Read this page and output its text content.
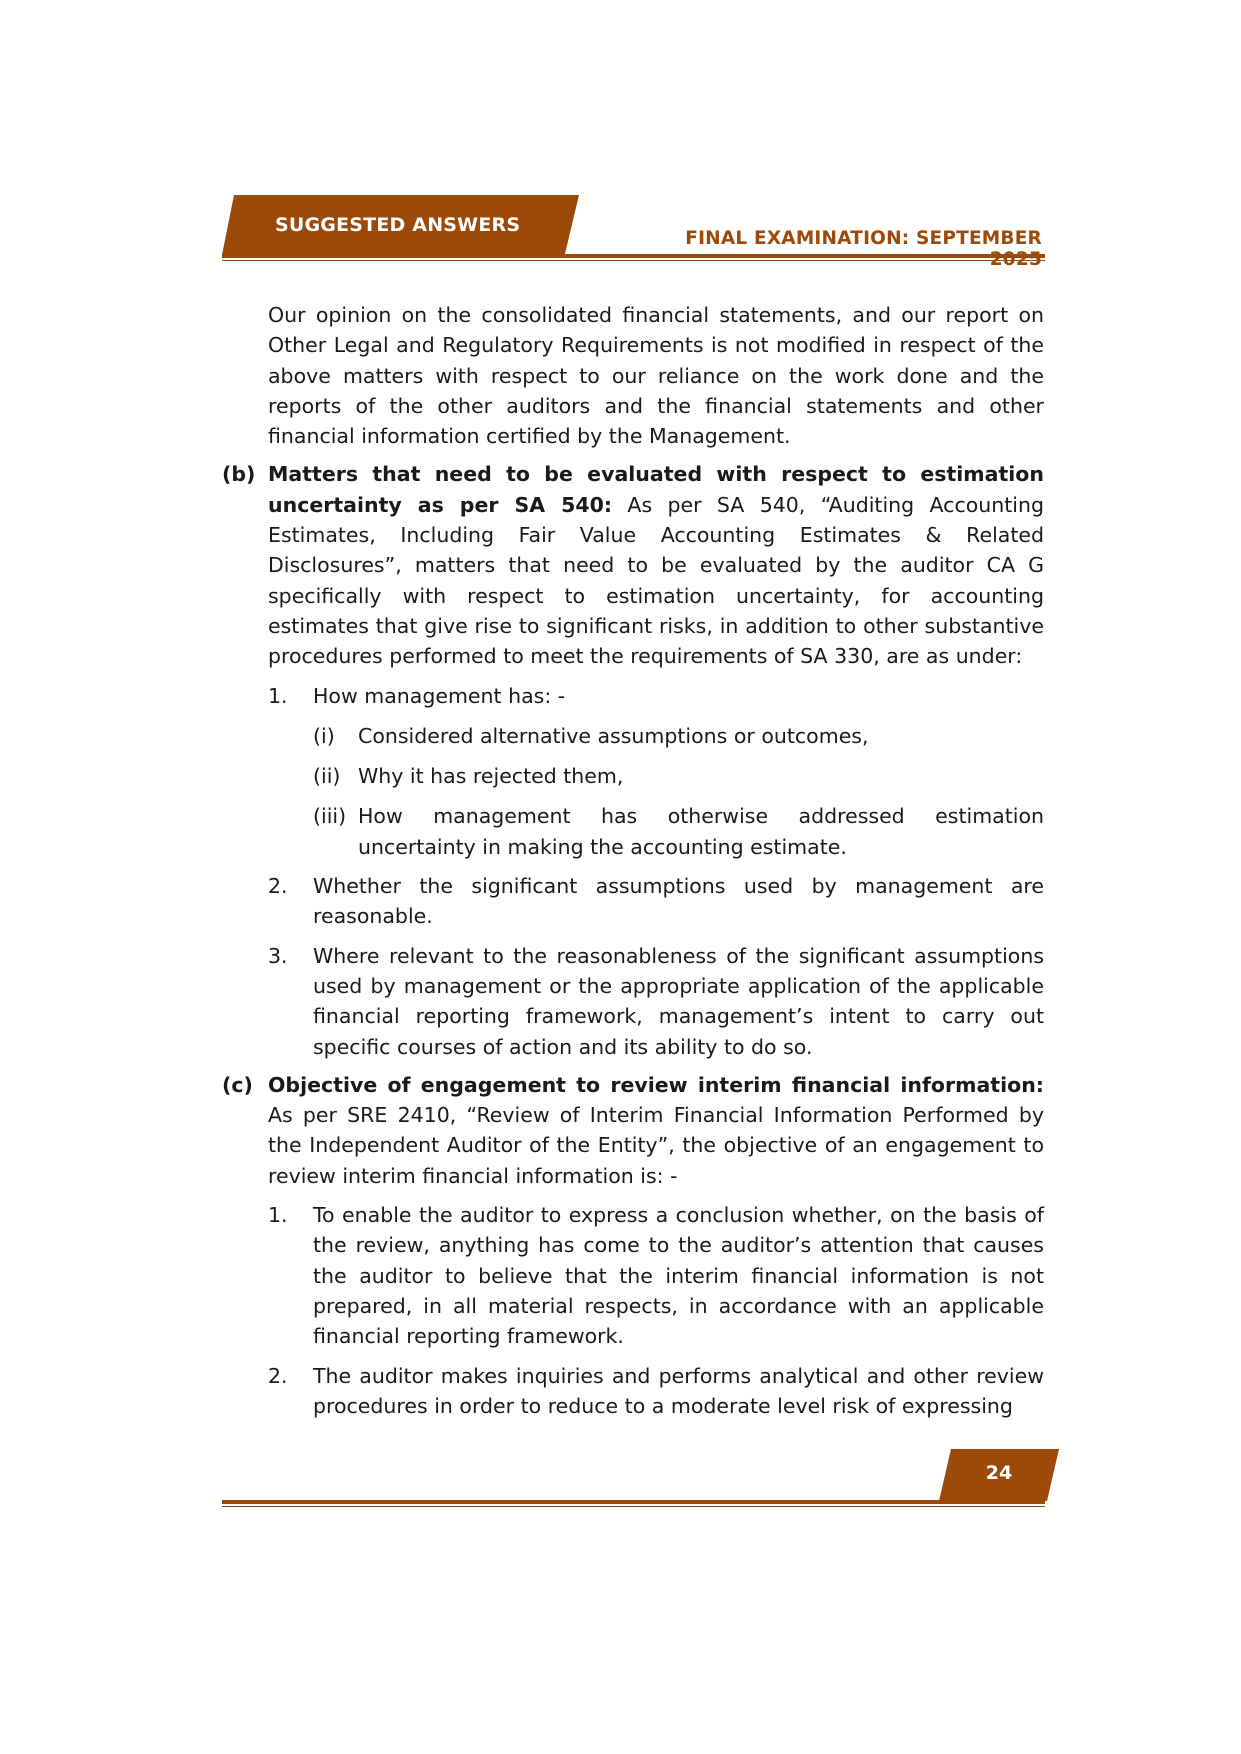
SUGGESTED ANSWERS
FINAL EXAMINATION: SEPTEMBER

Our opinion on the consolidated financial statements, and our report on Other Legal and Regulatory Requirements is not modified in respect of the above matters with respect to our reliance on the work done and the reports of the other auditors and the financial statements and other financial information certified by the Management.

(b) Matters that need to be evaluated with respect to estimation uncertainty as per SA 540: As per SA 540, “Auditing Accounting Estimates, Including Fair Value Accounting Estimates & Related Disclosures”, matters that need to be evaluated by the auditor CA G specifically with respect to estimation uncertainty, for accounting estimates that give rise to significant risks, in addition to other substantive procedures performed to meet the requirements of SA 330, are as under:

1.	How management has: -
(i)	Considered alternative assumptions or outcomes,
(ii) Why it has rejected them,
(iii) How management has otherwise addressed estimation uncertainty in making the accounting estimate.
2.	Whether the significant assumptions used by management are reasonable.
3.	Where relevant to the reasonableness of the significant assumptions used by management or the appropriate application of the applicable financial reporting framework, management’s intent to carry out specific courses of action and its ability to do so.
(c) Objective of engagement to review interim financial information: As per SRE 2410, “Review of Interim Financial Information Performed by the Independent Auditor of the Entity”, the objective of an engagement to review interim financial information is: -

1.	To enable the auditor to express a conclusion whether, on the basis of the review, anything has come to the auditor’s attention that causes the auditor to believe that the interim financial information is not prepared, in all material respects, in accordance with an applicable financial reporting framework.
2.	The auditor makes inquiries and performs analytical and other review procedures in order to reduce to a moderate level risk of expressing
24
